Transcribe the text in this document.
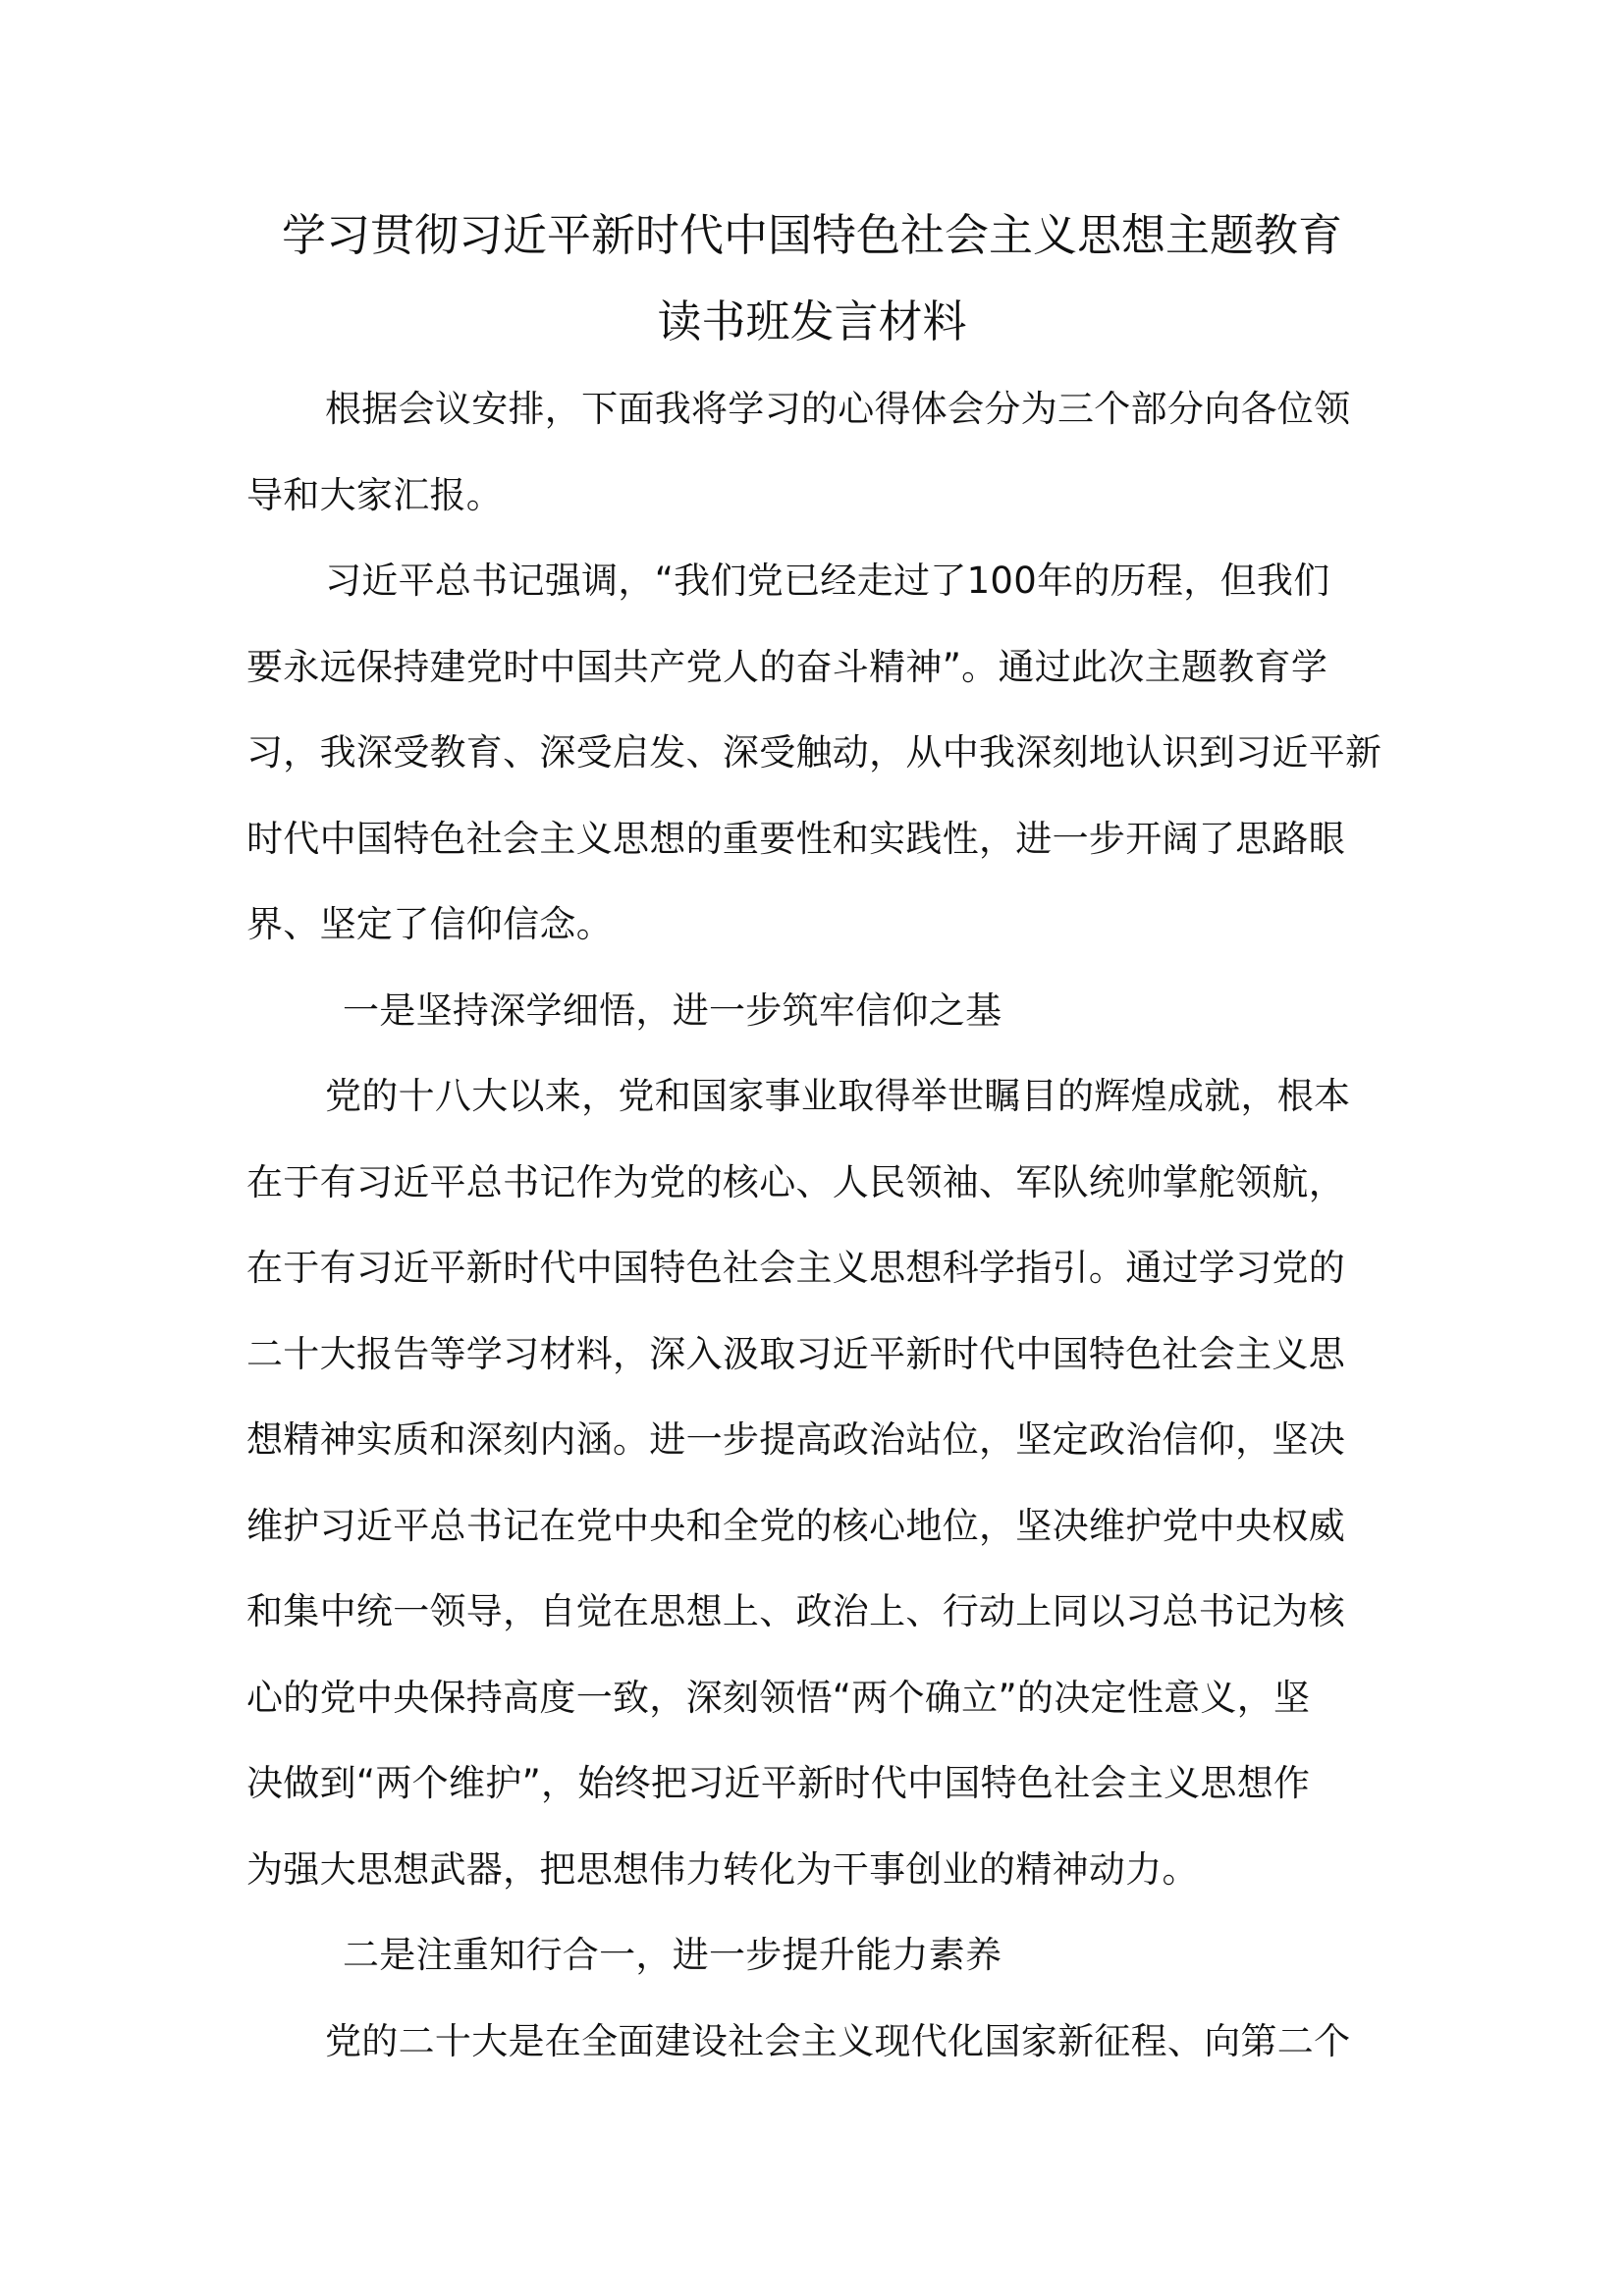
学习贯彻习近平新时代中国特色社会主义思想主题教育
读书班发言材料
根据会议安排，下面我将学习的心得体会分为三个部分向各位领
导和大家汇报。
习近平总书记强调，“我们党已经走过了100年的历程，但我们
要永远保持建党时中国共产党人的奋斗精神”。通过此次主题教育学
习，我深受教育、深受启发、深受触动，从中我深刻地认识到习近平新
时代中国特色社会主义思想的重要性和实践性，进一步开阔了思路眼
界、坚定了信仰信念。
一是坚持深学细悟，进一步筑牢信仰之基
党的十八大以来，党和国家事业取得举世瞩目的辉煌成就，根本
在于有习近平总书记作为党的核心、人民领袖、军队统帅掌舵领航，
在于有习近平新时代中国特色社会主义思想科学指引。通过学习党的
二十大报告等学习材料，深入汲取习近平新时代中国特色社会主义思
想精神实质和深刻内涵。进一步提高政治站位，坚定政治信仰，坚决
维护习近平总书记在党中央和全党的核心地位，坚决维护党中央权威
和集中统一领导，自觉在思想上、政治上、行动上同以习总书记为核
心的党中央保持高度一致，深刻领悟“两个确立”的决定性意义，坚
决做到“两个维护”，始终把习近平新时代中国特色社会主义思想作
为强大思想武器，把思想伟力转化为干事创业的精神动力。
二是注重知行合一，进一步提升能力素养
党的二十大是在全面建设社会主义现代化国家新征程、向第二个
